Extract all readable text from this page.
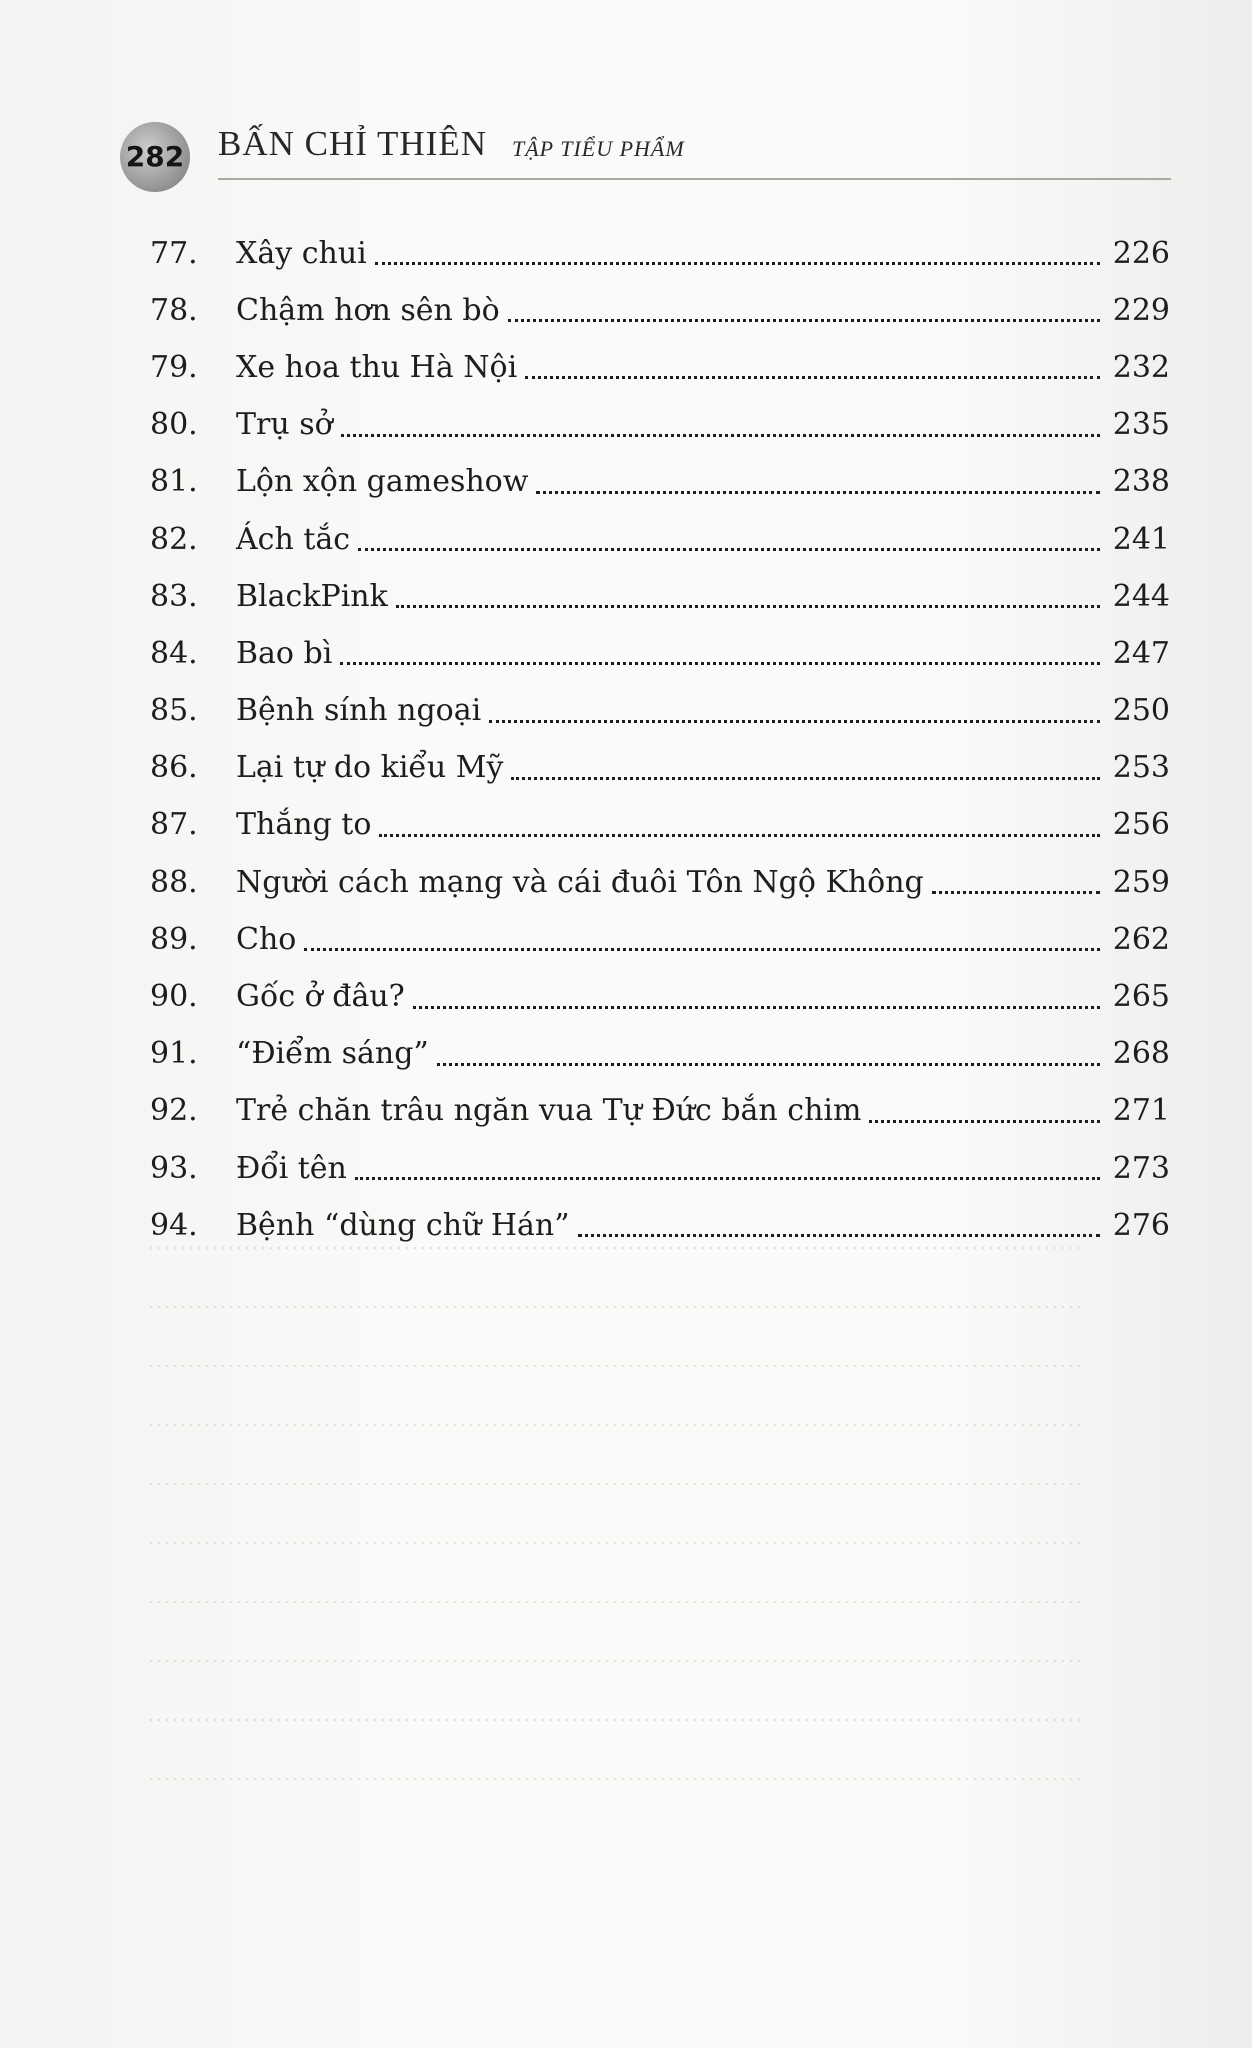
282 BẤN CHỈ THIÊN TẬP TIỂU PHẨM
77.	Xây chui	226
78.	Chậm hơn sên bò	229
79.	Xe hoa thu Hà Nội	232
80.	Trụ sở	235
81.	Lộn xộn gameshow	238
82.	Ách tắc	241
83.	BlackPink	244
84.	Bao bì	247
85.	Bệnh sính ngoại	250
86.	Lại tự do kiểu Mỹ	253
87.	Thắng to	256
88.	Người cách mạng và cái đuôi Tôn Ngộ Không	259
89.	Cho	262
90.	Gốc ở đâu?	265
91.	“Điểm sáng”	268
92.	Trẻ chăn trâu ngăn vua Tự Đức bắn chim	271
93.	Đổi tên	273
94.	Bệnh “dùng chữ Hán”	276
